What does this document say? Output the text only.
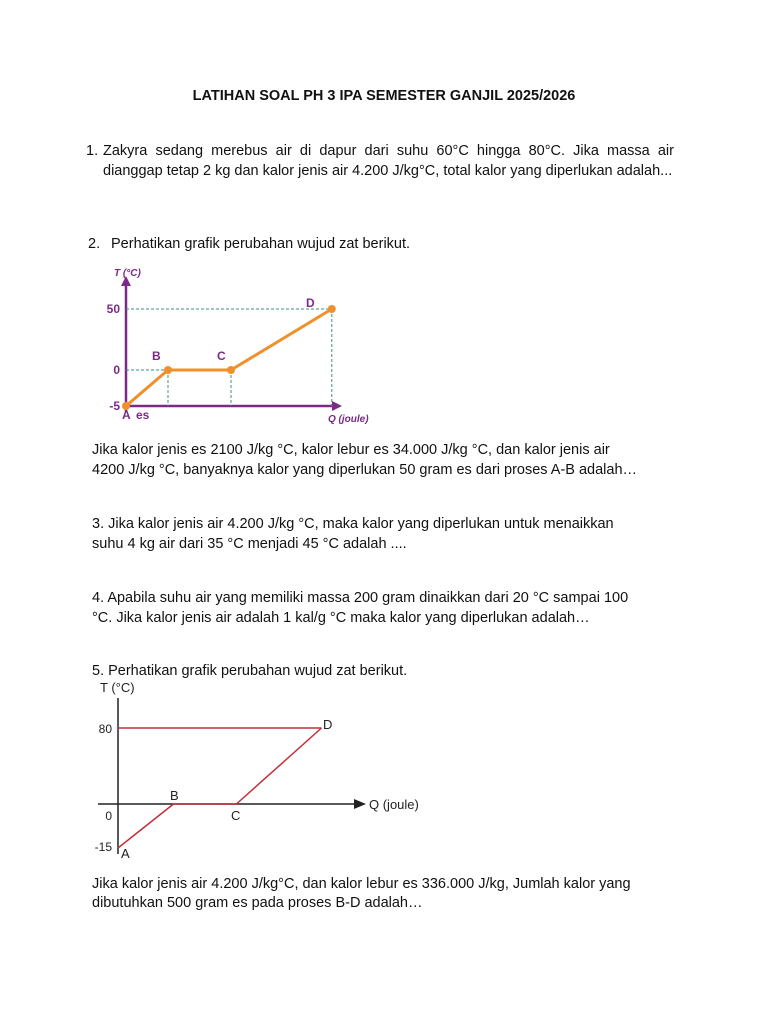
LATIHAN SOAL PH 3 IPA SEMESTER GANJIL 2025/2026
1. Zakyra sedang merebus air di dapur dari suhu 60°C hingga 80°C. Jika massa air dianggap tetap 2 kg dan kalor jenis air 4.200 J/kg°C, total kalor yang diperlukan adalah...
2. Perhatikan grafik perubahan wujud zat berikut.
T (°C)
50
0
-5
A
B	C
D
es	Q (joule)
Jika kalor jenis es 2100 J/kg °C, kalor lebur es 34.000 J/kg °C, dan kalor jenis air
4200 J/kg °C, banyaknya kalor yang diperlukan 50 gram es dari proses A-B adalah…
3. Jika kalor jenis air 4.200 J/kg °C, maka kalor yang diperlukan untuk menaikkan
suhu 4 kg air dari 35 °C menjadi 45 °C adalah ....
4. Apabila suhu air yang memiliki massa 200 gram dinaikkan dari 20 °C sampai 100
°C. Jika kalor jenis air adalah 1 kal/g °C maka kalor yang diperlukan adalah…
5. Perhatikan grafik perubahan wujud zat berikut.
T (°C)
80
0
-15 A
B
C
D
Q (joule)
Jika kalor jenis air 4.200 J/kg°C, dan kalor lebur es 336.000 J/kg, Jumlah kalor yang
dibutuhkan 500 gram es pada proses B-D adalah…
